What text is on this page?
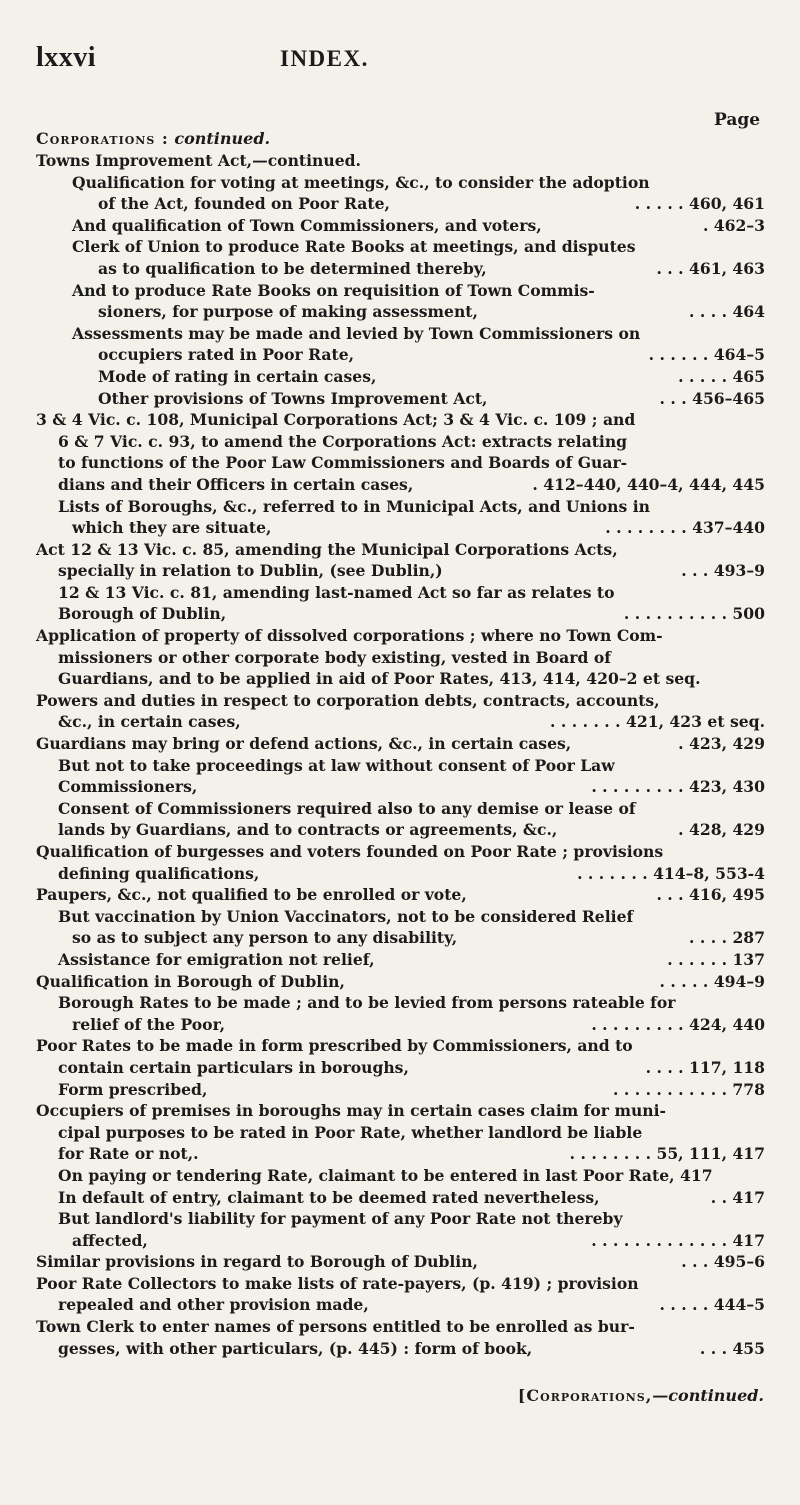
lxxvi	INDEX.
Page
Corporations : continued.
Towns Improvement Act,—continued.
Qualification for voting at meetings, &c., to consider the adoption
of the Act, founded on Poor Rate,	. . . . . 460, 461
And qualification of Town Commissioners, and voters,	. 462–3
Clerk of Union to produce Rate Books at meetings, and disputes
as to qualification to be determined thereby,	. . . 461, 463
And to produce Rate Books on requisition of Town Commis-
sioners, for purpose of making assessment,	. . . . 464
Assessments may be made and levied by Town Commissioners on
occupiers rated in Poor Rate,	. . . . . . 464–5
Mode of rating in certain cases,	. . . . . 465
Other provisions of Towns Improvement Act,	. . . 456–465
3 & 4 Vic. c. 108, Municipal Corporations Act; 3 & 4 Vic. c. 109 ; and
6 & 7 Vic. c. 93, to amend the Corporations Act: extracts relating
to functions of the Poor Law Commissioners and Boards of Guar-
dians and their Officers in certain cases,	. 412–440, 440–4, 444, 445
Lists of Boroughs, &c., referred to in Municipal Acts, and Unions in
which they are situate,	. . . . . . . . 437–440
Act 12 & 13 Vic. c. 85, amending the Municipal Corporations Acts,
specially in relation to Dublin, (see Dublin,)	. . . 493–9
12 & 13 Vic. c. 81, amending last-named Act so far as relates to
Borough of Dublin,	. . . . . . . . . . 500
Application of property of dissolved corporations ; where no Town Com-
missioners or other corporate body existing, vested in Board of
Guardians, and to be applied in aid of Poor Rates, 413, 414, 420–2 et seq.
Powers and duties in respect to corporation debts, contracts, accounts,
&c., in certain cases,	. . . . . . . 421, 423 et seq.
Guardians may bring or defend actions, &c., in certain cases,	. 423, 429
But not to take proceedings at law without consent of Poor Law
Commissioners,	. . . . . . . . . 423, 430
Consent of Commissioners required also to any demise or lease of
lands by Guardians, and to contracts or agreements, &c.,	. 428, 429
Qualification of burgesses and voters founded on Poor Rate ; provisions
defining qualifications,	. . . . . . . 414–8, 553-4
Paupers, &c., not qualified to be enrolled or vote,	. . . 416, 495
But vaccination by Union Vaccinators, not to be considered Relief
so as to subject any person to any disability,	. . . . 287
Assistance for emigration not relief,	. . . . . . 137
Qualification in Borough of Dublin,	. . . . . 494–9
Borough Rates to be made ; and to be levied from persons rateable for
relief of the Poor,	. . . . . . . . . 424, 440
Poor Rates to be made in form prescribed by Commissioners, and to
contain certain particulars in boroughs,	. . . . 117, 118
Form prescribed,	. . . . . . . . . . . 778
Occupiers of premises in boroughs may in certain cases claim for muni-
cipal purposes to be rated in Poor Rate, whether landlord be liable
for Rate or not,.	. . . . . . . . 55, 111, 417
On paying or tendering Rate, claimant to be entered in last Poor Rate, 417
In default of entry, claimant to be deemed rated nevertheless,	. . 417
But landlord's liability for payment of any Poor Rate not thereby
affected,	. . . . . . . . . . . . . 417
Similar provisions in regard to Borough of Dublin,	. . . 495–6
Poor Rate Collectors to make lists of rate-payers, (p. 419) ; provision
repealed and other provision made,	. . . . . 444–5
Town Clerk to enter names of persons entitled to be enrolled as bur-
gesses, with other particulars, (p. 445) : form of book,	. . . 455
[Corporations,—continued.
